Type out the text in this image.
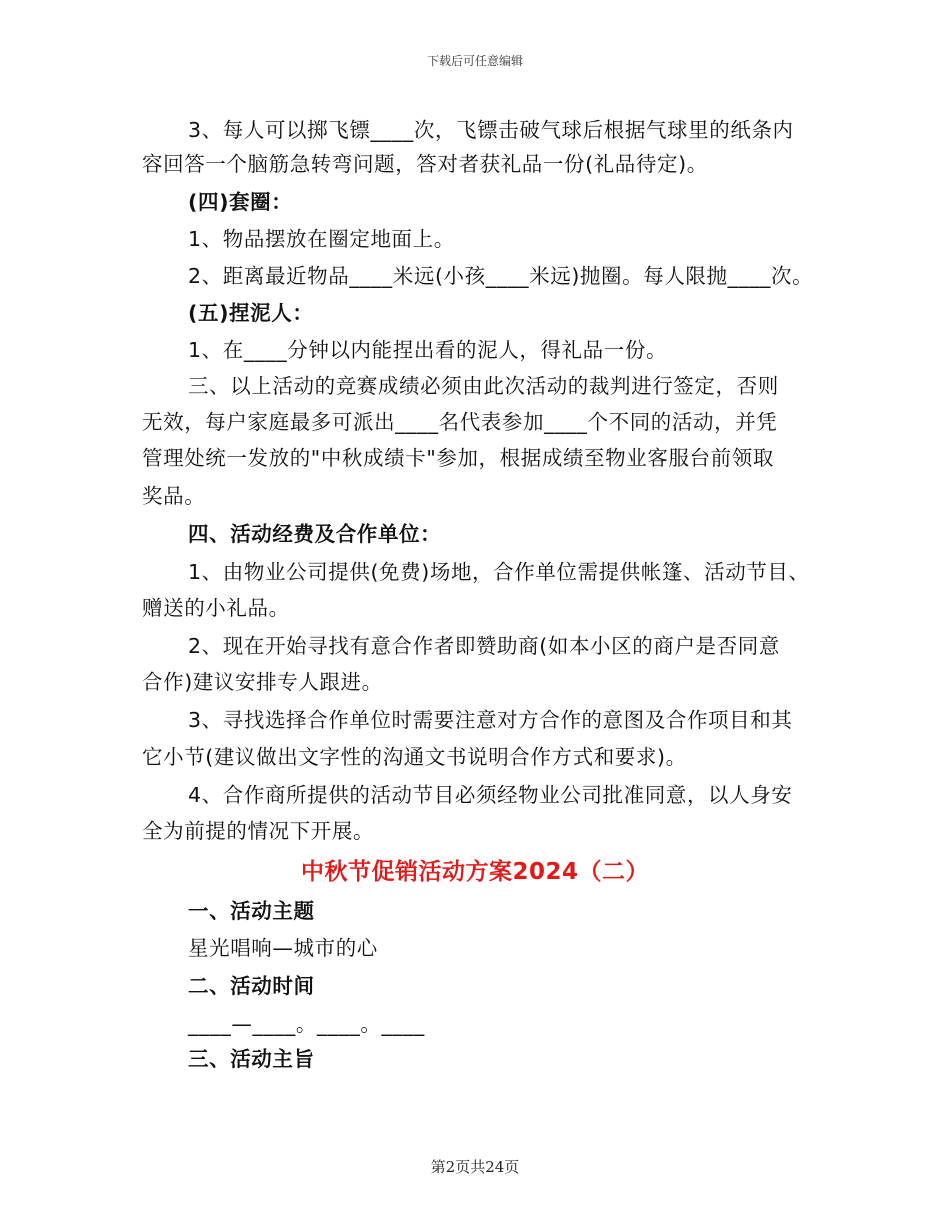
下载后可任意编辑
3、每人可以掷飞镖____次，飞镖击破气球后根据气球里的纸条内
容回答一个脑筋急转弯问题，答对者获礼品一份(礼品待定)。
(四)套圈：
1、物品摆放在圈定地面上。
2、距离最近物品____米远(小孩____米远)抛圈。每人限抛____次。
(五)捏泥人：
1、在____分钟以内能捏出看的泥人，得礼品一份。
三、以上活动的竞赛成绩必须由此次活动的裁判进行签定，否则
无效，每户家庭最多可派出____名代表参加____个不同的活动，并凭
管理处统一发放的"中秋成绩卡"参加，根据成绩至物业客服台前领取
奖品。
四、活动经费及合作单位：
1、由物业公司提供(免费)场地，合作单位需提供帐篷、活动节目、
赠送的小礼品。
2、现在开始寻找有意合作者即赞助商(如本小区的商户是否同意
合作)建议安排专人跟进。
3、寻找选择合作单位时需要注意对方合作的意图及合作项目和其
它小节(建议做出文字性的沟通文书说明合作方式和要求)。
4、合作商所提供的活动节目必须经物业公司批准同意，以人身安
全为前提的情况下开展。
中秋节促销活动方案2024（二）
一、活动主题
星光唱响—城市的心
二、活动时间
____—____。____。____
三、活动主旨
第2页共24页
